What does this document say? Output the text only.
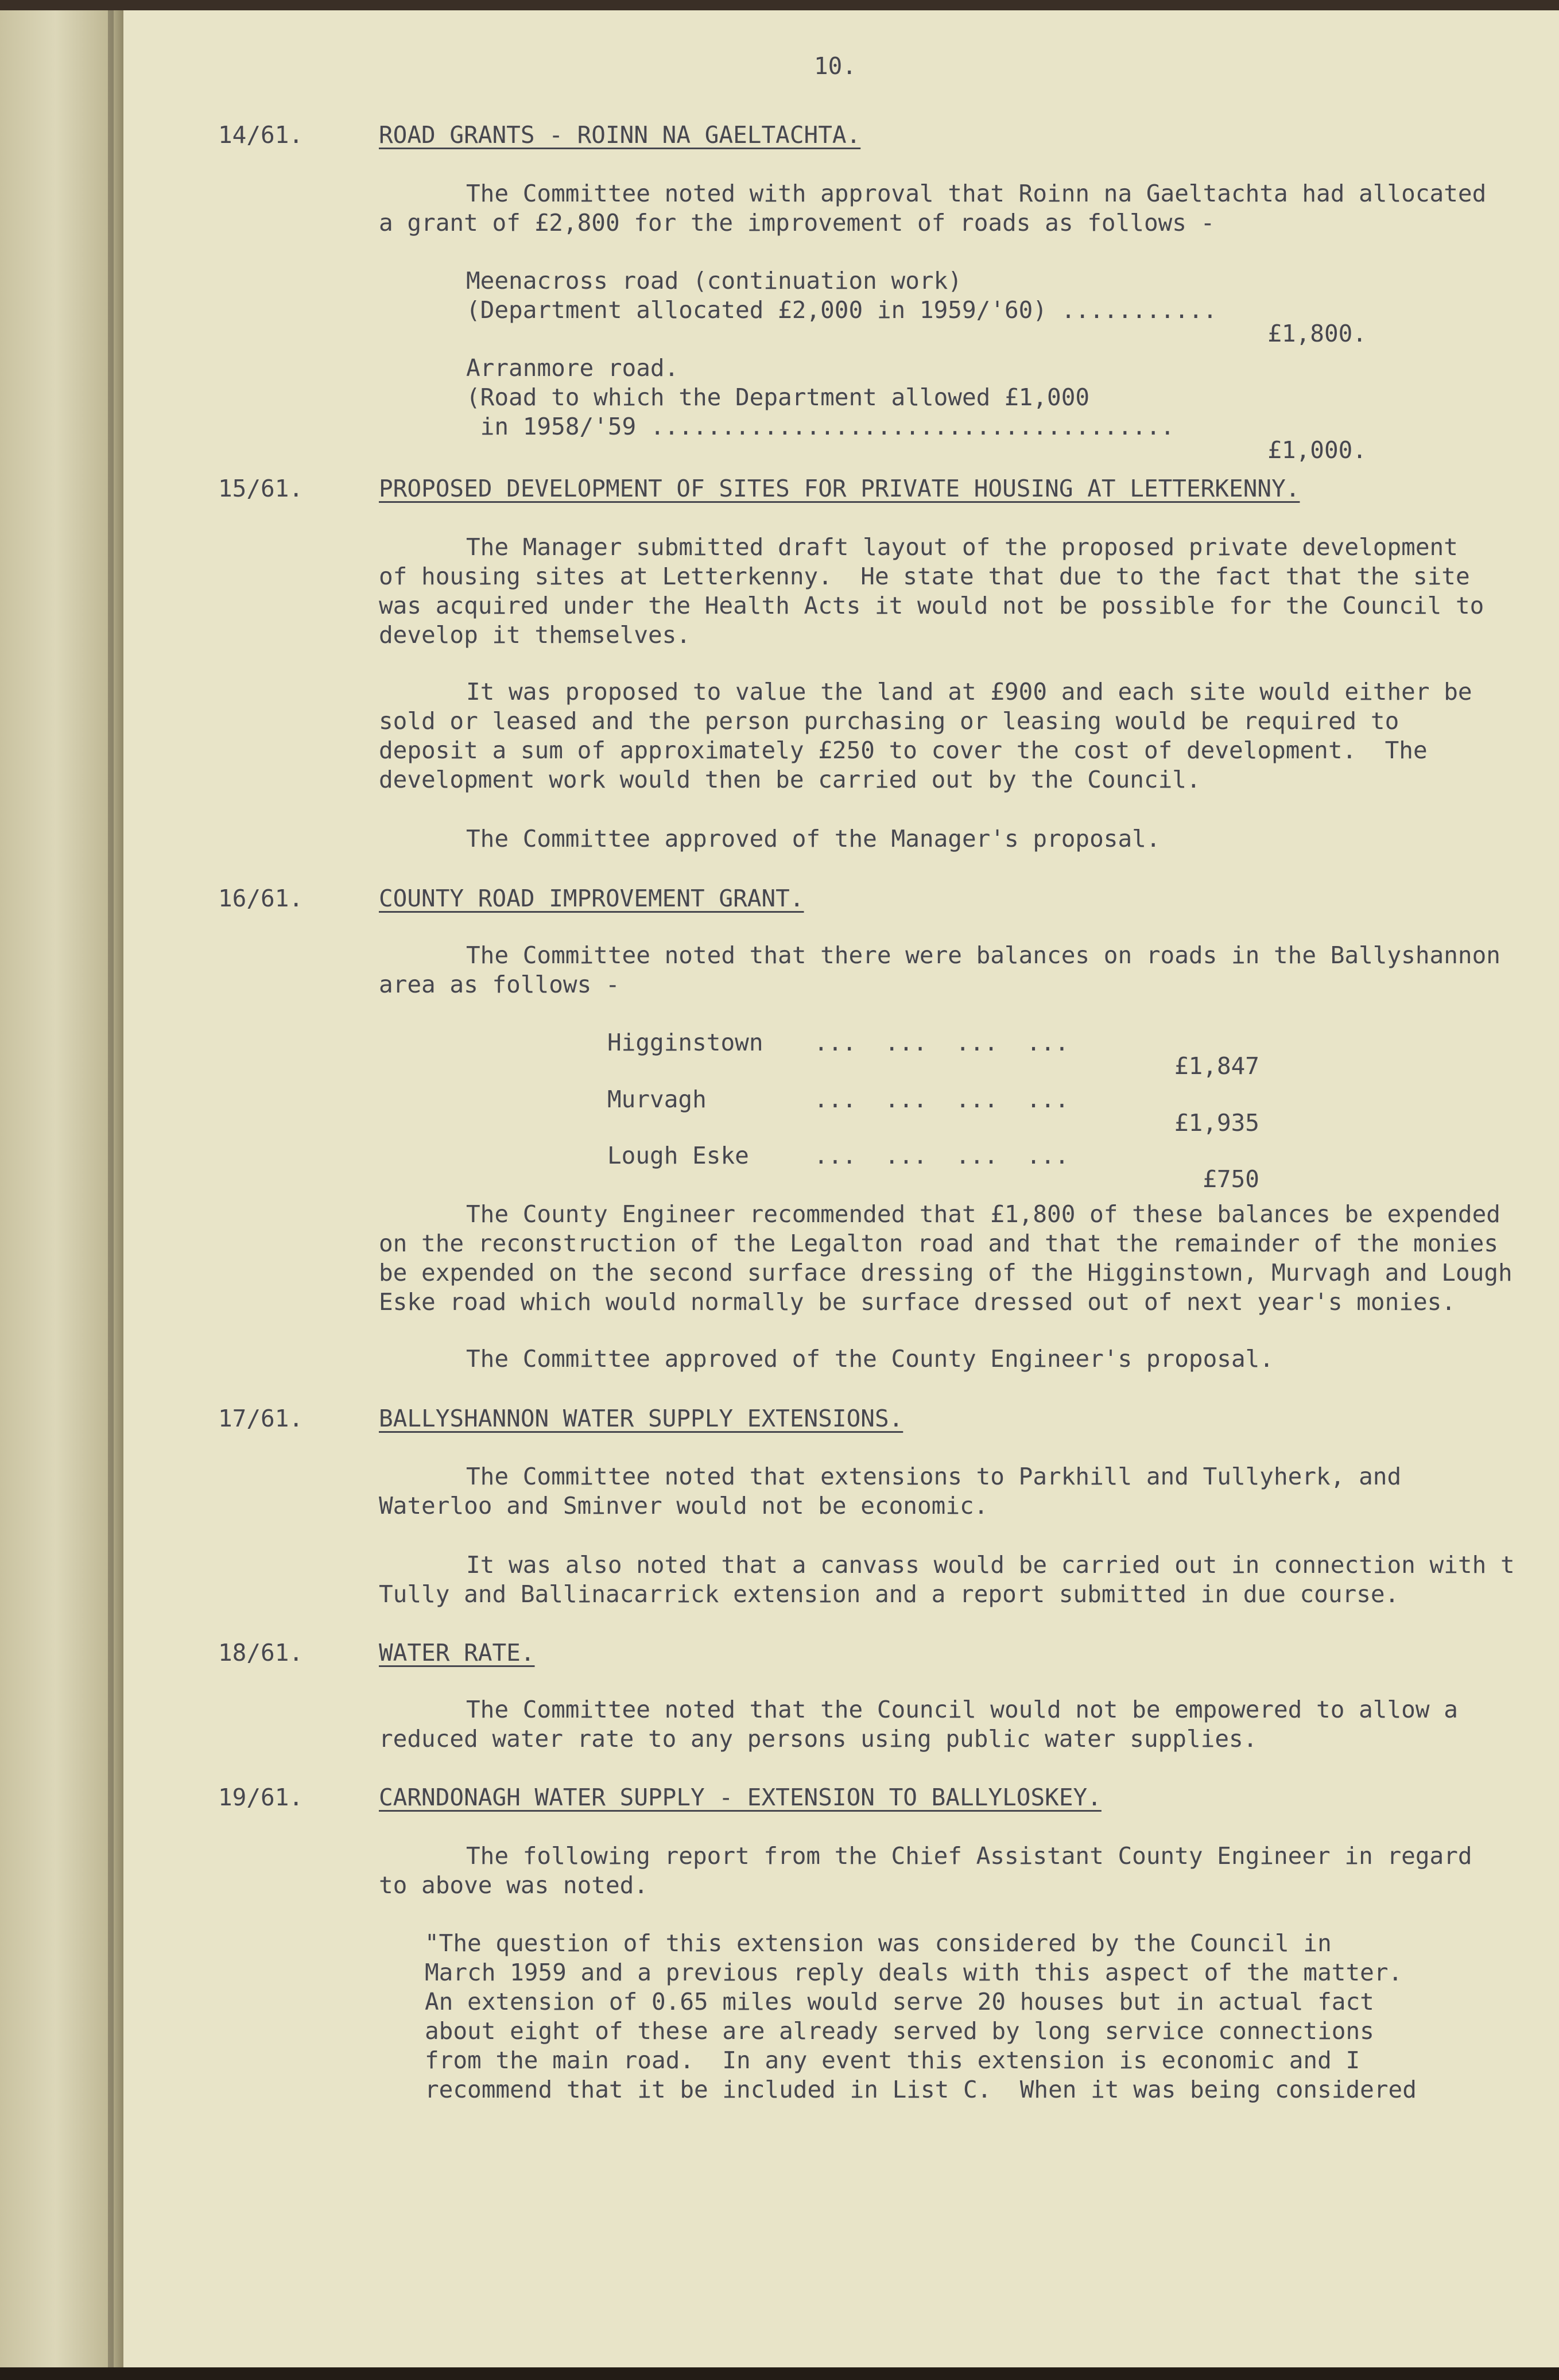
10.

14/61.	ROAD GRANTS - ROINN NA GAELTACHTA.

The Committee noted with approval that Roinn na Gaeltachta had allocated

a grant of £2,800 for the improvement of roads as follows -

Meenacross road (continuation work)

(Department allocated £2,000 in 1959/'60) ...........

£1,800.

Arranmore road.

(Road to which the Department allowed £1,000

in 1958/'59 .....................................

£1,000.

15/61.	PROPOSED DEVELOPMENT OF SITES FOR PRIVATE HOUSING AT LETTERKENNY.

The Manager submitted draft layout of the proposed private development

of housing sites at Letterkenny.  He state that due to the fact that the site

was acquired under the Health Acts it would not be possible for the Council to

develop it themselves.

It was proposed to value the land at £900 and each site would either be

sold or leased and the person purchasing or leasing would be required to

deposit a sum of approximately £250 to cover the cost of development.  The

development work would then be carried out by the Council.

The Committee approved of the Manager's proposal.

16/61.	COUNTY ROAD IMPROVEMENT GRANT.

The Committee noted that there were balances on roads in the Ballyshannon

area as follows -

Higginstown ...  ...  ...  ...

£1,847

Murvagh	...  ...  ...  ...

£1,935

Lough Eske	...  ...  ...  ...

£750

The County Engineer recommended that £1,800 of these balances be expended

on the reconstruction of the Legalton road and that the remainder of the monies

be expended on the second surface dressing of the Higginstown, Murvagh and Lough

Eske road which would normally be surface dressed out of next year's monies.

The Committee approved of the County Engineer's proposal.

17/61.	BALLYSHANNON WATER SUPPLY EXTENSIONS.

The Committee noted that extensions to Parkhill and Tullyherk, and

Waterloo and Sminver would not be economic.

It was also noted that a canvass would be carried out in connection with t

Tully and Ballinacarrick extension and a report submitted in due course.

18/61.	WATER RATE.

The Committee noted that the Council would not be empowered to allow a

reduced water rate to any persons using public water supplies.

19/61.	CARNDONAGH WATER SUPPLY - EXTENSION TO BALLYLOSKEY.

The following report from the Chief Assistant County Engineer in regard

to above was noted.

"The question of this extension was considered by the Council in

March 1959 and a previous reply deals with this aspect of the matter.

An extension of 0.65 miles would serve 20 houses but in actual fact

about eight of these are already served by long service connections

from the main road.  In any event this extension is economic and I

recommend that it be included in List C.  When it was being considered
